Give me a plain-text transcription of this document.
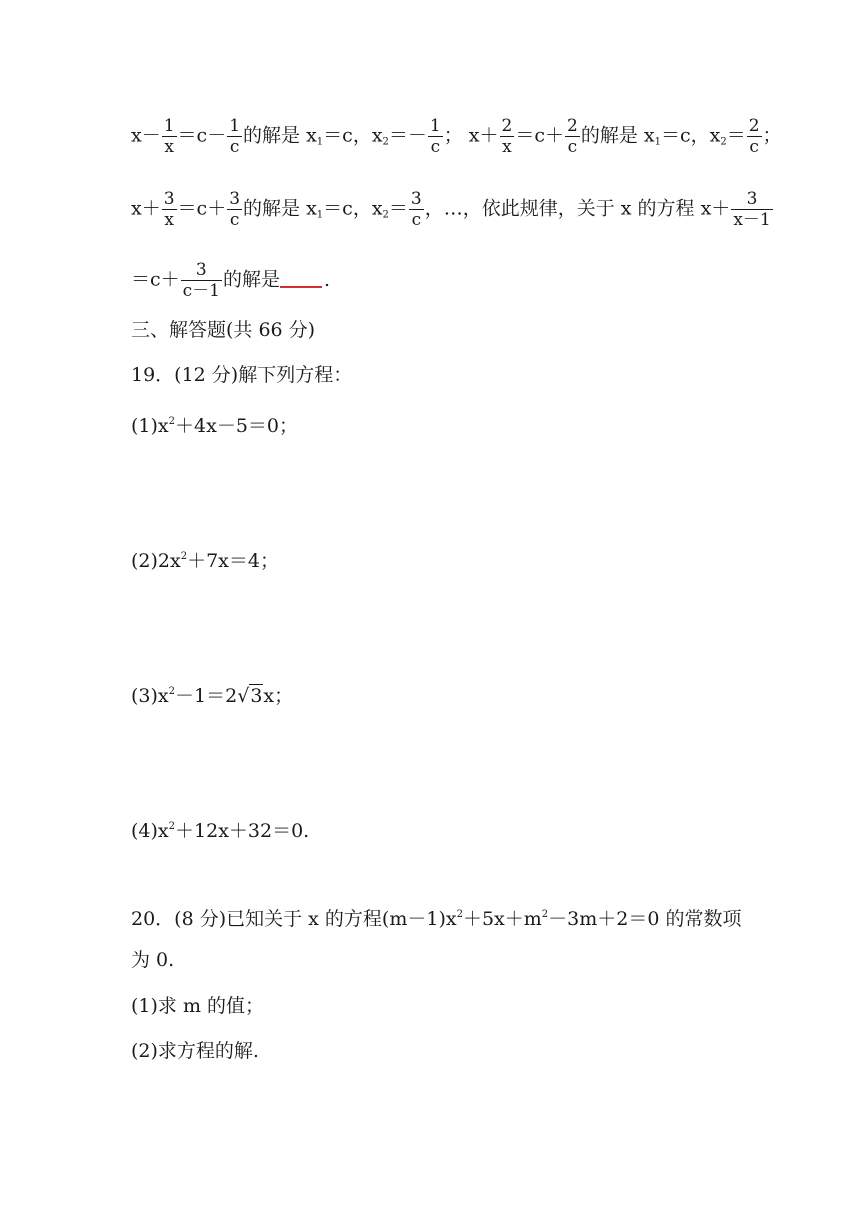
$x- \frac{1}{x} =c- \frac{1}{c}$ 的解是 $x_1=c$，$x_2=- \frac{1}{c}$ ； $x+ \frac{2}{x} =c+ \frac{2}{c}$ 的解是 $x_1=c$，$x_2= \frac{2}{c}$ ；
$x+ \frac{3}{x} =c+ \frac{3}{c}$ 的解是 $x_1=c$，$x_2= \frac{3}{c}$ ，…，依此规律，关于 x 的方程 $x+ \frac{3}{x-1}$
$=c+ \frac{3}{c-1}$ 的解是 .
三、解答题(共 66 分)
19．(12 分)解下列方程：
$(1)x^2+4x-5=0$；
$(2)2x^2+7x=4$；
$(3)x^2-1=2√3x$；
$(4)x^2+12x+32=0$.
20．(8 分)已知关于 x 的方程$(m-1)x^2+5x+m^2-3m+2=0$ 的常数项
为 0.
(1)求 m 的值；
(2)求方程的解.
